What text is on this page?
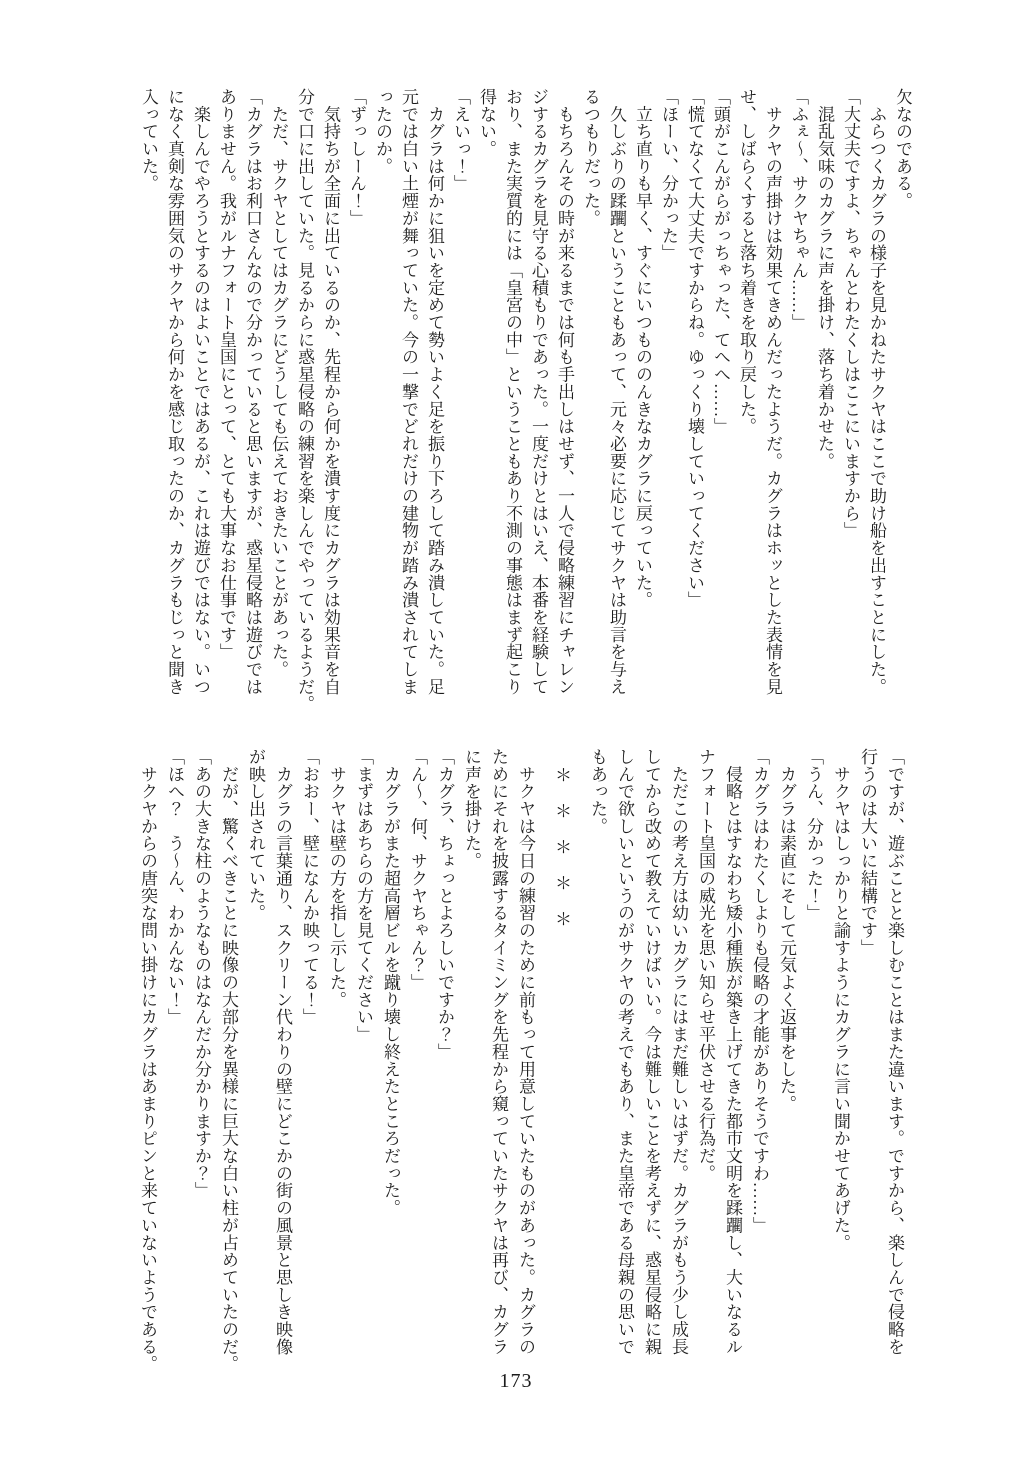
欠なのである。
　ふらつくカグラの様子を見かねたサクヤはここで助け船を出すことにした。
「大丈夫ですよ、ちゃんとわたくしはここにいますから」
　混乱気味のカグラに声を掛け、落ち着かせた。
「ふぇ〜、サクヤちゃん……」
　サクヤの声掛けは効果てきめんだったようだ。カグラはホッとした表情を見
せ、しばらくすると落ち着きを取り戻した。
「頭がこんがらがっちゃった、てへへ……」
「慌てなくて大丈夫ですからね。ゆっくり壊していってください」
「ほーい、分かった」
　立ち直りも早く、すぐにいつもののんきなカグラに戻っていた。
　久しぶりの蹂躙ということもあって、元々必要に応じてサクヤは助言を与え
るつもりだった。
　もちろんその時が来るまでは何も手出しはせず、一人で侵略練習にチャレン
ジするカグラを見守る心積もりであった。一度だけとはいえ、本番を経験して
おり、また実質的には「皇宮の中」ということもあり不測の事態はまず起こり
得ない。
「えいっ！」
　カグラは何かに狙いを定めて勢いよく足を振り下ろして踏み潰していた。足
元では白い土煙が舞っていた。今の一撃でどれだけの建物が踏み潰されてしま
ったのか。
「ずっしーん！」
　気持ちが全面に出ているのか、先程から何かを潰す度にカグラは効果音を自
分で口に出していた。見るからに惑星侵略の練習を楽しんでやっているようだ。
　ただ、サクヤとしてはカグラにどうしても伝えておきたいことがあった。
「カグラはお利口さんなので分かっていると思いますが、惑星侵略は遊びでは
ありません。我がルナフォート皇国にとって、とても大事なお仕事です」
　楽しんでやろうとするのはよいことではあるが、これは遊びではない。いつ
になく真剣な雰囲気のサクヤから何かを感じ取ったのか、カグラもじっと聞き
入っていた。
「ですが、遊ぶことと楽しむことはまた違います。ですから、楽しんで侵略を
行うのは大いに結構です」
　サクヤはしっかりと諭すようにカグラに言い聞かせてあげた。
「うん、分かった！」
　カグラは素直にそして元気よく返事をした。
「カグラはわたくしよりも侵略の才能がありそうですわ……」
　侵略とはすなわち矮小種族が築き上げてきた都市文明を蹂躙し、大いなるル
ナフォート皇国の威光を思い知らせ平伏させる行為だ。
　ただこの考え方は幼いカグラにはまだ難しいはずだ。カグラがもう少し成長
してから改めて教えていけばいい。今は難しいことを考えずに、惑星侵略に親
しんで欲しいというのがサクヤの考えでもあり、また皇帝である母親の思いで
もあった。
　＊　＊　＊　＊　＊
　サクヤは今日の練習のために前もって用意していたものがあった。カグラの
ためにそれを披露するタイミングを先程から窺っていたサクヤは再び、カグラ
に声を掛けた。
「カグラ、ちょっとよろしいですか？」
「ん〜、何、サクヤちゃん？」
　カグラがまた超高層ビルを蹴り壊し終えたところだった。
「まずはあちらの方を見てください」
　サクヤは壁の方を指し示した。
「おおー、壁になんか映ってる！」
　カグラの言葉通り、スクリーン代わりの壁にどこかの街の風景と思しき映像
が映し出されていた。
　だが、驚くべきことに映像の大部分を異様に巨大な白い柱が占めていたのだ。
「あの大きな柱のようなものはなんだか分かりますか？」
「ほへ？　う〜ん、わかんない！」
　サクヤからの唐突な問い掛けにカグラはあまりピンと来ていないようである。
173
